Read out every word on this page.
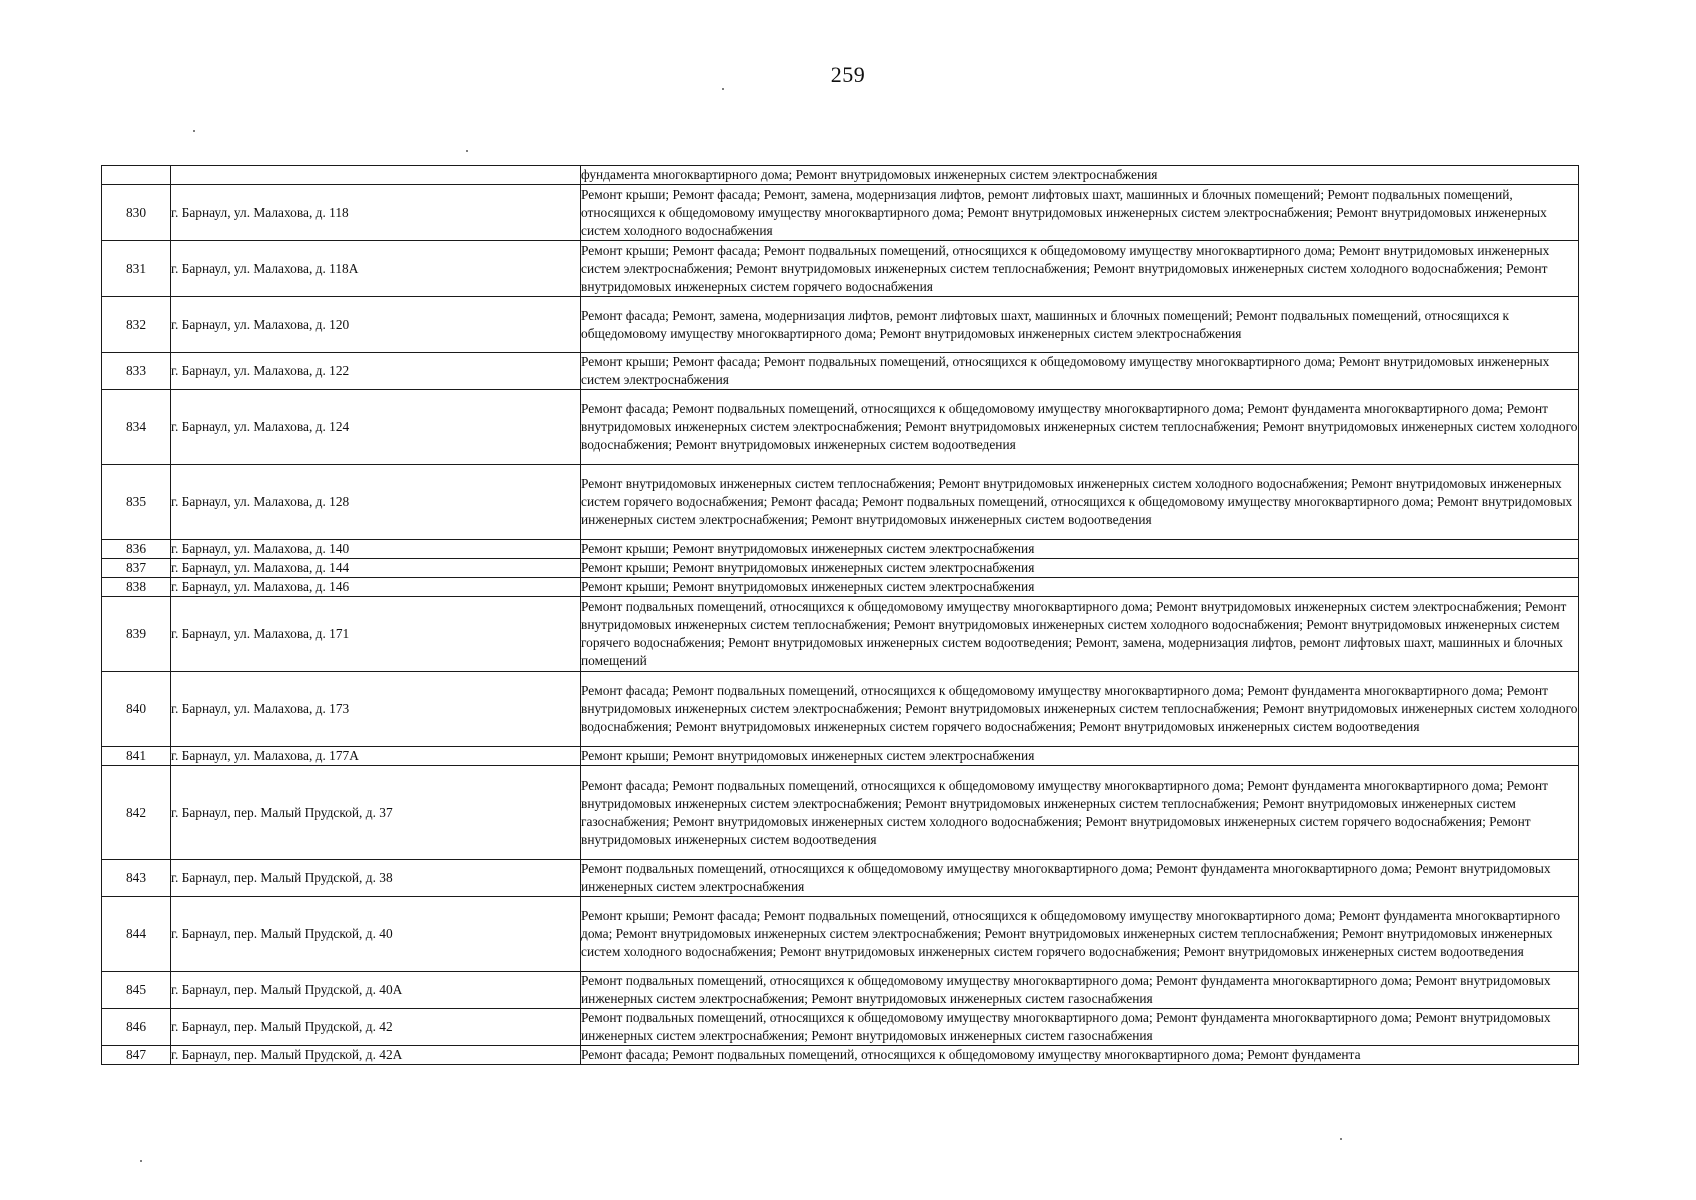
259
		фундамента многоквартирного дома; Ремонт внутридомовых инженерных систем электроснабжения
830	г. Барнаул, ул. Малахова, д. 118	Ремонт крыши; Ремонт фасада; Ремонт, замена, модернизация лифтов, ремонт лифтовых шахт, машинных и блочных помещений; Ремонт подвальных помещений, относящихся к общедомовому имуществу многоквартирного дома; Ремонт внутридомовых инженерных систем электроснабжения; Ремонт внутридомовых инженерных систем холодного водоснабжения
831	г. Барнаул, ул. Малахова, д. 118А	Ремонт крыши; Ремонт фасада; Ремонт подвальных помещений, относящихся к общедомовому имуществу многоквартирного дома; Ремонт внутридомовых инженерных систем электроснабжения; Ремонт внутридомовых инженерных систем теплоснабжения; Ремонт внутридомовых инженерных систем холодного водоснабжения; Ремонт внутридомовых инженерных систем горячего водоснабжения
832	г. Барнаул, ул. Малахова, д. 120	Ремонт фасада; Ремонт, замена, модернизация лифтов, ремонт лифтовых шахт, машинных и блочных помещений; Ремонт подвальных помещений, относящихся к общедомовому имуществу многоквартирного дома; Ремонт внутридомовых инженерных систем электроснабжения
833	г. Барнаул, ул. Малахова, д. 122	Ремонт крыши; Ремонт фасада; Ремонт подвальных помещений, относящихся к общедомовому имуществу многоквартирного дома; Ремонт внутридомовых инженерных систем электроснабжения
834	г. Барнаул, ул. Малахова, д. 124	Ремонт фасада; Ремонт подвальных помещений, относящихся к общедомовому имуществу многоквартирного дома; Ремонт фундамента многоквартирного дома; Ремонт внутридомовых инженерных систем электроснабжения; Ремонт внутридомовых инженерных систем теплоснабжения; Ремонт внутридомовых инженерных систем холодного водоснабжения; Ремонт внутридомовых инженерных систем водоотведения
835	г. Барнаул, ул. Малахова, д. 128	Ремонт внутридомовых инженерных систем теплоснабжения; Ремонт внутридомовых инженерных систем холодного водоснабжения; Ремонт внутридомовых инженерных систем горячего водоснабжения; Ремонт фасада; Ремонт подвальных помещений, относящихся к общедомовому имуществу многоквартирного дома; Ремонт внутридомовых инженерных систем электроснабжения; Ремонт внутридомовых инженерных систем водоотведения
836	г. Барнаул, ул. Малахова, д. 140	Ремонт крыши; Ремонт внутридомовых инженерных систем электроснабжения
837	г. Барнаул, ул. Малахова, д. 144	Ремонт крыши; Ремонт внутридомовых инженерных систем электроснабжения
838	г. Барнаул, ул. Малахова, д. 146	Ремонт крыши; Ремонт внутридомовых инженерных систем электроснабжения
839	г. Барнаул, ул. Малахова, д. 171	Ремонт подвальных помещений, относящихся к общедомовому имуществу многоквартирного дома; Ремонт внутридомовых инженерных систем электроснабжения; Ремонт внутридомовых инженерных систем теплоснабжения; Ремонт внутридомовых инженерных систем холодного водоснабжения; Ремонт внутридомовых инженерных систем горячего водоснабжения; Ремонт внутридомовых инженерных систем водоотведения; Ремонт, замена, модернизация лифтов, ремонт лифтовых шахт, машинных и блочных помещений
840	г. Барнаул, ул. Малахова, д. 173	Ремонт фасада; Ремонт подвальных помещений, относящихся к общедомовому имуществу многоквартирного дома; Ремонт фундамента многоквартирного дома; Ремонт внутридомовых инженерных систем электроснабжения; Ремонт внутридомовых инженерных систем теплоснабжения; Ремонт внутридомовых инженерных систем холодного водоснабжения; Ремонт внутридомовых инженерных систем горячего водоснабжения; Ремонт внутридомовых инженерных систем водоотведения
841	г. Барнаул, ул. Малахова, д. 177А	Ремонт крыши; Ремонт внутридомовых инженерных систем электроснабжения
842	г. Барнаул, пер. Малый Прудской, д. 37	Ремонт фасада; Ремонт подвальных помещений, относящихся к общедомовому имуществу многоквартирного дома; Ремонт фундамента многоквартирного дома; Ремонт внутридомовых инженерных систем электроснабжения; Ремонт внутридомовых инженерных систем теплоснабжения; Ремонт внутридомовых инженерных систем газоснабжения; Ремонт внутридомовых инженерных систем холодного водоснабжения; Ремонт внутридомовых инженерных систем горячего водоснабжения; Ремонт внутридомовых инженерных систем водоотведения
843	г. Барнаул, пер. Малый Прудской, д. 38	Ремонт подвальных помещений, относящихся к общедомовому имуществу многоквартирного дома; Ремонт фундамента многоквартирного дома; Ремонт внутридомовых инженерных систем электроснабжения
844	г. Барнаул, пер. Малый Прудской, д. 40	Ремонт крыши; Ремонт фасада; Ремонт подвальных помещений, относящихся к общедомовому имуществу многоквартирного дома; Ремонт фундамента многоквартирного дома; Ремонт внутридомовых инженерных систем электроснабжения; Ремонт внутридомовых инженерных систем теплоснабжения; Ремонт внутридомовых инженерных систем холодного водоснабжения; Ремонт внутридомовых инженерных систем горячего водоснабжения; Ремонт внутридомовых инженерных систем водоотведения
845	г. Барнаул, пер. Малый Прудской, д. 40А	Ремонт подвальных помещений, относящихся к общедомовому имуществу многоквартирного дома; Ремонт фундамента многоквартирного дома; Ремонт внутридомовых инженерных систем электроснабжения; Ремонт внутридомовых инженерных систем газоснабжения
846	г. Барнаул, пер. Малый Прудской, д. 42	Ремонт подвальных помещений, относящихся к общедомовому имуществу многоквартирного дома; Ремонт фундамента многоквартирного дома; Ремонт внутридомовых инженерных систем электроснабжения; Ремонт внутридомовых инженерных систем газоснабжения
847	г. Барнаул, пер. Малый Прудской, д. 42А	Ремонт фасада; Ремонт подвальных помещений, относящихся к общедомовому имуществу многоквартирного дома; Ремонт фундамента
